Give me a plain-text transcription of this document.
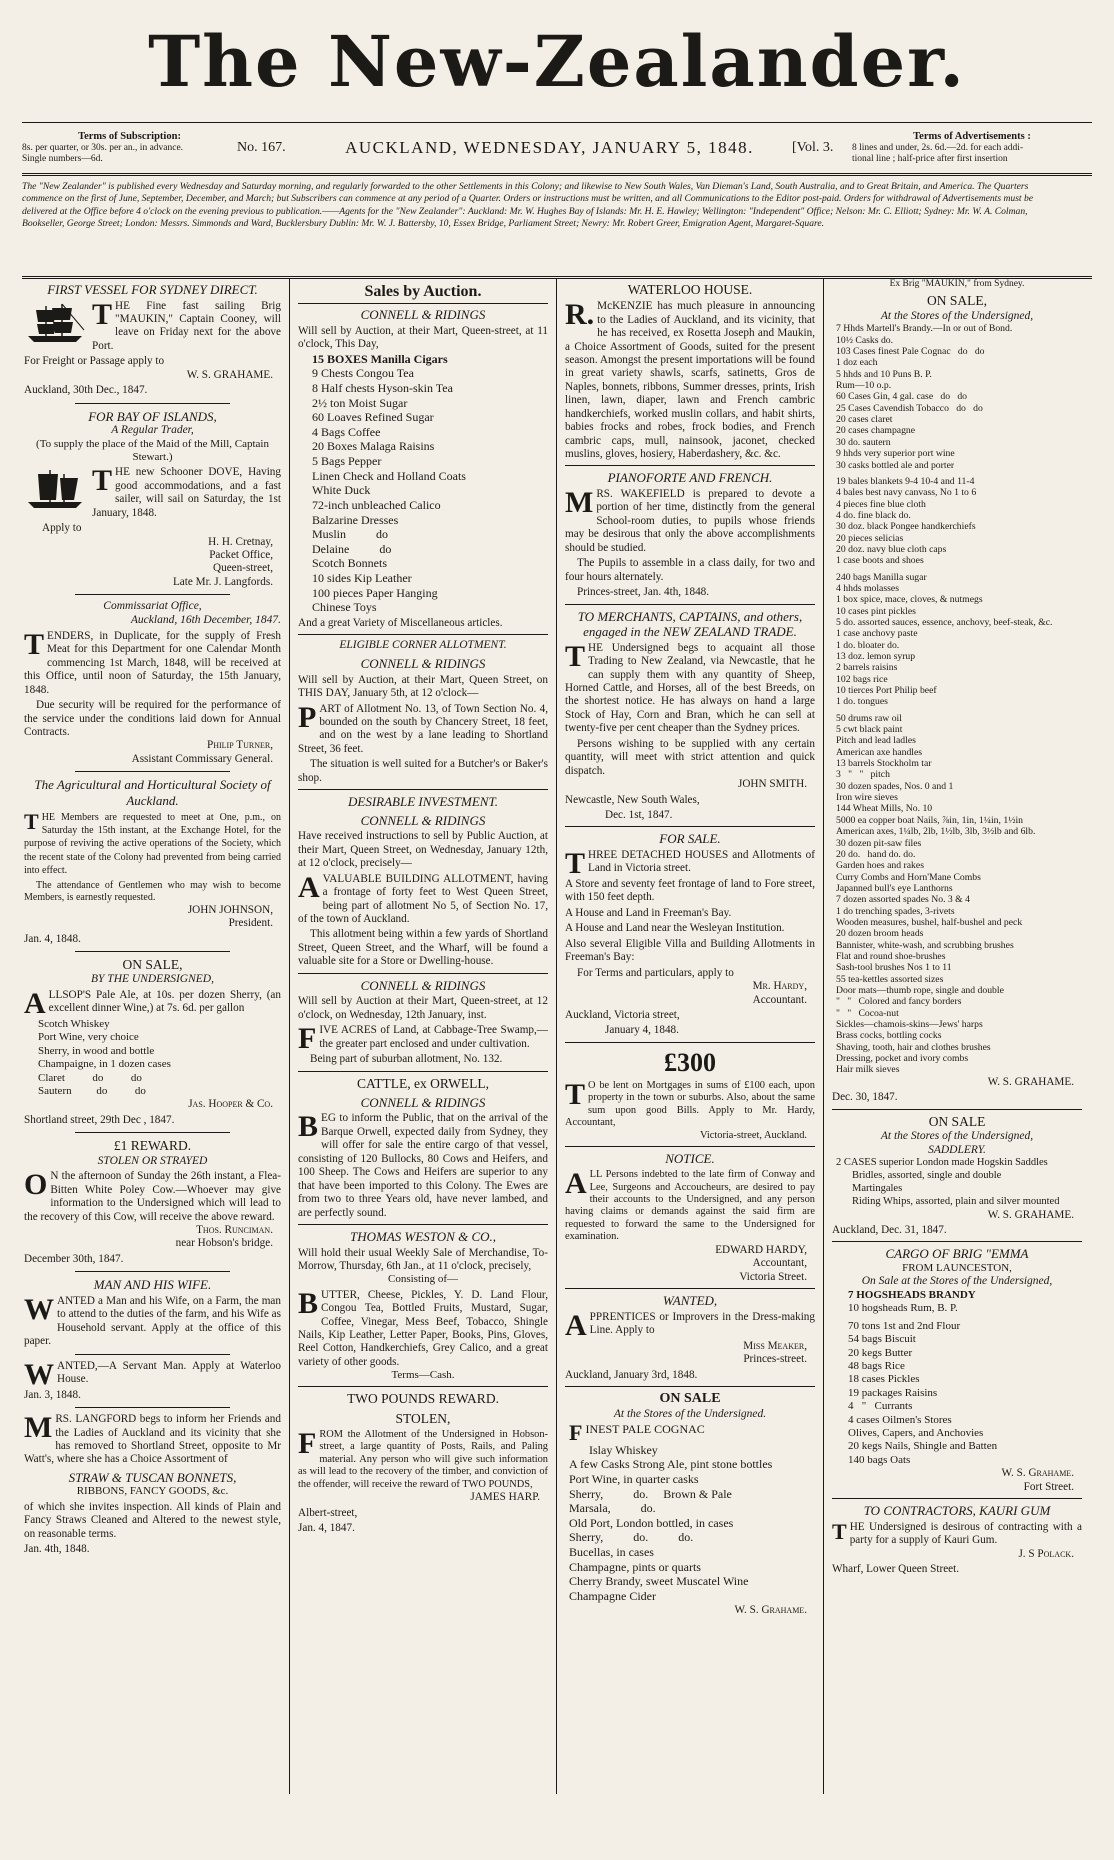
The New-Zealander.
Terms of Subscription:
8s. per quarter, or 30s. per an., in advance.
Single numbers—6d.
No. 167.	AUCKLAND, WEDNESDAY, JANUARY 5, 1848.	[Vol. 3.
Terms of Advertisements :
8 lines and under, 2s. 6d.—2d. for each addi-
tional line ; half-price after first insertion
The "New Zealander" is published every Wednesday and Saturday morning, and regularly forwarded to the other Settlements in this Colony; and likewise to New South Wales, Van Dieman's Land, South Australia, and to Great Britain, and America. The Quarters commence on the first of June, September, December, and March; but Subscribers can commence at any period of a Quarter. Orders or instructions must be written, and all Communications to the Editor post-paid. Orders for withdrawal of Advertisements must be delivered at the Office before 4 o'clock on the evening previous to publication.——Agents for the "New Zealander": Auckland: Mr. W. Hughes Bay of Islands: Mr. H. E. Hawley; Wellington: "Independent" Office; Nelson: Mr. C. Elliott; Sydney: Mr. W. A. Colman, Bookseller, George Street; London: Messrs. Simmonds and Ward, Bucklersbury Dublin: Mr. W. J. Battersby, 10, Essex Bridge, Parliament Street; Newry: Mr. Robert Greer, Emigration Agent, Margaret-Square.
FIRST VESSEL FOR SYDNEY DIRECT.
THE Fine fast sailing Brig "MAUKIN," Captain Cooney, will leave on Friday next for the above Port.
For Freight or Passage apply to
W. S. GRAHAME.
Auckland, 30th Dec., 1847.
FOR BAY OF ISLANDS,
A Regular Trader,
(To supply the place of the Maid of the Mill, Captain Stewart.)
THE new Schooner DOVE, Having good accommodations, and a fast sailer, will sail on Saturday, the 1st January, 1848.
Apply to
H. H. Cretnay,
Packet Office,
Queen-street,
Late Mr. J. Langfords.
Commissariat Office,
Auckland, 16th December, 1847.
TENDERS, in Duplicate, for the supply of Fresh Meat for this Department for one Calendar Month commencing 1st March, 1848, will be received at this Office, until noon of Saturday, the 15th January, 1848.
Due security will be required for the performance of the service under the conditions laid down for Annual Contracts.
Philip Turner,
Assistant Commissary General.
The Agricultural and Horticultural Society of Auckland.
THE Members are requested to meet at One, p.m., on Saturday the 15th instant, at the Exchange Hotel, for the purpose of reviving the active operations of the Society, which the recent state of the Colony had prevented from being carried into effect.
The attendance of Gentlemen who may wish to become Members, is earnestly requested.
JOHN JOHNSON,
President.
Jan. 4, 1848.
ON SALE,
BY THE UNDERSIGNED,
ALLSOP'S Pale Ale, at 10s. per dozen Sherry, (an excellent dinner Wine,) at 7s. 6d. per gallon
Scotch Whiskey
Port Wine, very choice
Sherry, in wood and bottle
Champaigne, in 1 dozen cases
Claret          do          do
Sautern         do          do
Jas. Hooper & Co.
Shortland street, 29th Dec , 1847.
£1 REWARD.
STOLEN OR STRAYED
O N the afternoon of Sunday the 26th instant, a Flea-Bitten White Poley Cow.—Whoever may give information to the Undersigned which will lead to the recovery of this Cow, will receive the above reward.
Thos. Runciman.
near Hobson's bridge.
December 30th, 1847.
MAN AND HIS WIFE.
WANTED a Man and his Wife, on a Farm, the man to attend to the duties of the farm, and his Wife as Household servant. Apply at the office of this paper.
WANTED,—A Servant Man. Apply at Waterloo House.
Jan. 3, 1848.
MRS. LANGFORD begs to inform her Friends and the Ladies of Auckland and its vicinity that she has removed to Shortland Street, opposite to Mr Watt's, where she has a Choice Assortment of
STRAW & TUSCAN BONNETS,
RIBBONS, FANCY GOODS, &c.
of which she invites inspection. All kinds of Plain and Fancy Straws Cleaned and Altered to the newest style, on reasonable terms.
Jan. 4th, 1848.
Sales by Auction.
CONNELL & RIDINGS
Will sell by Auction, at their Mart, Queen-street, at 11 o'clock, This Day,
15 BOXES Manilla Cigars
9 Chests Congou Tea
8 Half chests Hyson-skin Tea
2½ ton Moist Sugar
60 Loaves Refined Sugar
4 Bags Coffee
20 Boxes Malaga Raisins
5 Bags Pepper
Linen Check and Holland Coats
White Duck
72-inch unbleached Calico
Balzarine Dresses
Muslin          do
Delaine          do
Scotch Bonnets
10 sides Kip Leather
100 pieces Paper Hanging
Chinese Toys
And a great Variety of Miscellaneous articles.
ELIGIBLE CORNER ALLOTMENT.
CONNELL & RIDINGS
Will sell by Auction, at their Mart, Queen Street, on THIS DAY, January 5th, at 12 o'clock—
PART of Allotment No. 13, of Town Section No. 4, bounded on the south by Chancery Street, 18 feet, and on the west by a lane leading to Shortland Street, 36 feet.
The situation is well suited for a Butcher's or Baker's shop.
DESIRABLE INVESTMENT.
CONNELL & RIDINGS
Have received instructions to sell by Public Auction, at their Mart, Queen Street, on Wednesday, January 12th, at 12 o'clock, precisely—
AVALUABLE BUILDING ALLOTMENT, having a frontage of forty feet to West Queen Street, being part of allotment No 5, of Section No. 17, of the town of Auckland.
This allotment being within a few yards of Shortland Street, Queen Street, and the Wharf, will be found a valuable site for a Store or Dwelling-house.
CONNELL & RIDINGS
Will sell by Auction at their Mart, Queen-street, at 12 o'clock, on Wednesday, 12th January, inst.
FIVE ACRES of Land, at Cabbage-Tree Swamp,—the greater part enclosed and under cultivation.
Being part of suburban allotment, No. 132.
CATTLE, ex ORWELL,
CONNELL & RIDINGS
BEG to inform the Public, that on the arrival of the Barque Orwell, expected daily from Sydney, they will offer for sale the entire cargo of that vessel, consisting of 120 Bullocks, 80 Cows and Heifers, and 100 Sheep. The Cows and Heifers are superior to any that have been imported to this Colony. The Ewes are from two to three Years old, have never lambed, and are perfectly sound.
THOMAS WESTON & CO.,
Will hold their usual Weekly Sale of Merchandise, To-Morrow, Thursday, 6th Jan., at 11 o'clock, precisely,
Consisting of—
BUTTER, Cheese, Pickles, Y. D. Land Flour, Congou Tea, Bottled Fruits, Mustard, Sugar, Coffee, Vinegar, Mess Beef, Tobacco, Shingle Nails, Kip Leather, Letter Paper, Books, Pins, Gloves, Reel Cotton, Handkerchiefs, Grey Calico, and a great variety of other goods.
Terms—Cash.
TWO POUNDS REWARD.
STOLEN,
FROM the Allotment of the Undersigned in Hobson-street, a large quantity of Posts, Rails, and Paling material. Any person who will give such information as will lead to the recovery of the timber, and conviction of the offender, will receive the reward of TWO POUNDS,
JAMES HARP.
Albert-street,
Jan. 4, 1847.
WATERLOO HOUSE.
R. McKENZIE has much pleasure in announcing to the Ladies of Auckland, and its vicinity, that he has received, ex Rosetta Joseph and Maukin, a Choice Assortment of Goods, suited for the present season. Amongst the present importations will be found in great variety shawls, scarfs, satinetts, Gros de Naples, bonnets, ribbons, Summer dresses, prints, Irish linen, lawn, diaper, lawn and French cambric handkerchiefs, worked muslin collars, and habit shirts, babies frocks and robes, frock bodies, and French cambric caps, mull, nainsook, jaconet, checked muslins, gloves, hosiery, Haberdashery, &c. &c.
PIANOFORTE AND FRENCH.
MRS. WAKEFIELD is prepared to devote a portion of her time, distinctly from the general School-room duties, to pupils whose friends may be desirous that only the above accomplishments should be studied.
The Pupils to assemble in a class daily, for two and four hours alternately.
Princes-street, Jan. 4th, 1848.
TO MERCHANTS, CAPTAINS, and others, engaged in the NEW ZEALAND TRADE.
THE Undersigned begs to acquaint all those Trading to New Zealand, via Newcastle, that he can supply them with any quantity of Sheep, Horned Cattle, and Horses, all of the best Breeds, on the shortest notice. He has always on hand a large Stock of Hay, Corn and Bran, which he can sell at twenty-five per cent cheaper than the Sydney prices.
Persons wishing to be supplied with any certain quantity, will meet with strict attention and quick dispatch.
JOHN SMITH.
Newcastle, New South Wales,
Dec. 1st, 1847.
FOR SALE.
THREE DETACHED HOUSES and Allotments of Land in Victoria street.
A Store and seventy feet frontage of land to Fore street, with 150 feet depth.
A House and Land in Freeman's Bay.
A House and Land near the Wesleyan Institution.
Also several Eligible Villa and Building Allotments in Freeman's Bay:
For Terms and particulars, apply to
Mr. Hardy,
Accountant.
Auckland, Victoria street,
January 4, 1848.
£300
T O be lent on Mortgages in sums of £100 each, upon property in the town or suburbs. Also, about the same sum upon good Bills. Apply to Mr. Hardy, Accountant,
Victoria-street, Auckland.
NOTICE.
ALL Persons indebted to the late firm of Conway and Lee, Surgeons and Accoucheurs, are desired to pay their accounts to the Undersigned, and any person having claims or demands against the said firm are requested to forward the same to the Undersigned for examination.
EDWARD HARDY,
Accountant,
Victoria Street.
WANTED,
APPRENTICES or Improvers in the Dress-making Line. Apply to
Miss Meaker,
Princes-street.
Auckland, January 3rd, 1848.
ON SALE
At the Stores of the Undersigned.
FINEST PALE COGNAC
Islay Whiskey
A few Casks Strong Ale, pint stone bottles
Port Wine, in quarter casks
Sherry,          do.     Brown & Pale
Marsala,          do.
Old Port, London bottled, in cases
Sherry,          do.          do.
Bucellas, in cases
Champagne, pints or quarts
Cherry Brandy, sweet Muscatel Wine
Champagne Cider
W. S. Grahame.
Ex Brig "MAUKIN," from Sydney.
ON SALE,
At the Stores of the Undersigned,
7 Hhds Martell's Brandy.—In or out of Bond.
10½ Casks do.
103 Cases finest Pale Cognac   do   do
1 doz each
5 hhds and 10 Puns B. P.
Rum—10 o.p.
60 Cases Gin, 4 gal. case   do   do
25 Cases Cavendish Tobacco   do   do
20 cases claret
20 cases champagne
30 do. sautern
9 hhds very superior port wine
30 casks bottled ale and porter
19 bales blankets 9-4 10-4 and 11-4
4 bales best navy canvass, No 1 to 6
4 pieces fine blue cloth
4 do. fine black do.
30 doz. black Pongee handkerchiefs
20 pieces selicias
20 doz. navy blue cloth caps
1 case boots and shoes
240 bags Manilla sugar
4 hhds molasses
1 box spice, mace, cloves, & nutmegs
10 cases pint pickles
5 do. assorted sauces, essence, anchovy, beef-steak, &c.
1 case anchovy paste
1 do. bloater do.
13 doz. lemon syrup
2 barrels raisins
102 bags rice
10 tierces Port Philip beef
1 do. tongues
50 drums raw oil
5 cwt black paint
Pitch and lead ladles
American axe handles
13 barrels Stockholm tar
3   "   "   pitch
30 dozen spades, Nos. 0 and 1
Iron wire sieves
144 Wheat Mills, No. 10
5000 ea copper boat Nails, ⅞in, 1in, 1¼in, 1½in
American axes, 1¼lb, 2lb, 1½lb, 3lb, 3½lb and 6lb.
30 dozen pit-saw files
20 do.   hand do. do.
Garden hoes and rakes
Curry Combs and Horn'Mane Combs
Japanned bull's eye Lanthorns
7 dozen assorted spades No. 3 & 4
1 do trenching spades, 3-rivets
Wooden measures, bushel, half-bushel and peck
20 dozen broom heads
Bannister, white-wash, and scrubbing brushes
Flat and round shoe-brushes
Sash-tool brushes Nos 1 to 11
55 tea-kettles assorted sizes
Door mats—thumb rope, single and double
"   "   Colored and fancy borders
"   "   Cocoa-nut
Sickles—chamois-skins—Jews' harps
Brass cocks, bottling cocks
Shaving, tooth, hair and clothes brushes
Dressing, pocket and ivory combs
Hair milk sieves
W. S. GRAHAME.
Dec. 30, 1847.
ON SALE
At the Stores of the Undersigned,
SADDLERY.
2 CASES superior London made Hogskin Saddles
Bridles, assorted, single and double
Martingales
Riding Whips, assorted, plain and silver mounted
W. S. GRAHAME.
Auckland, Dec. 31, 1847.
CARGO OF BRIG "EMMA
FROM LAUNCESTON,
On Sale at the Stores of the Undersigned,
7 HOGSHEADS BRANDY
10 hogsheads Rum, B. P.
70 tons 1st and 2nd Flour
54 bags Biscuit
20 kegs Butter
48 bags Rice
18 cases Pickles
19 packages Raisins
4   "   Currants
4 cases Oilmen's Stores
Olives, Capers, and Anchovies
20 kegs Nails, Shingle and Batten
140 bags Oats
W. S. Grahame.
Fort Street.
TO CONTRACTORS, KAURI GUM
THE Undersigned is desirous of contracting with a party for a supply of Kauri Gum.
J. S Polack.
Wharf, Lower Queen Street.
